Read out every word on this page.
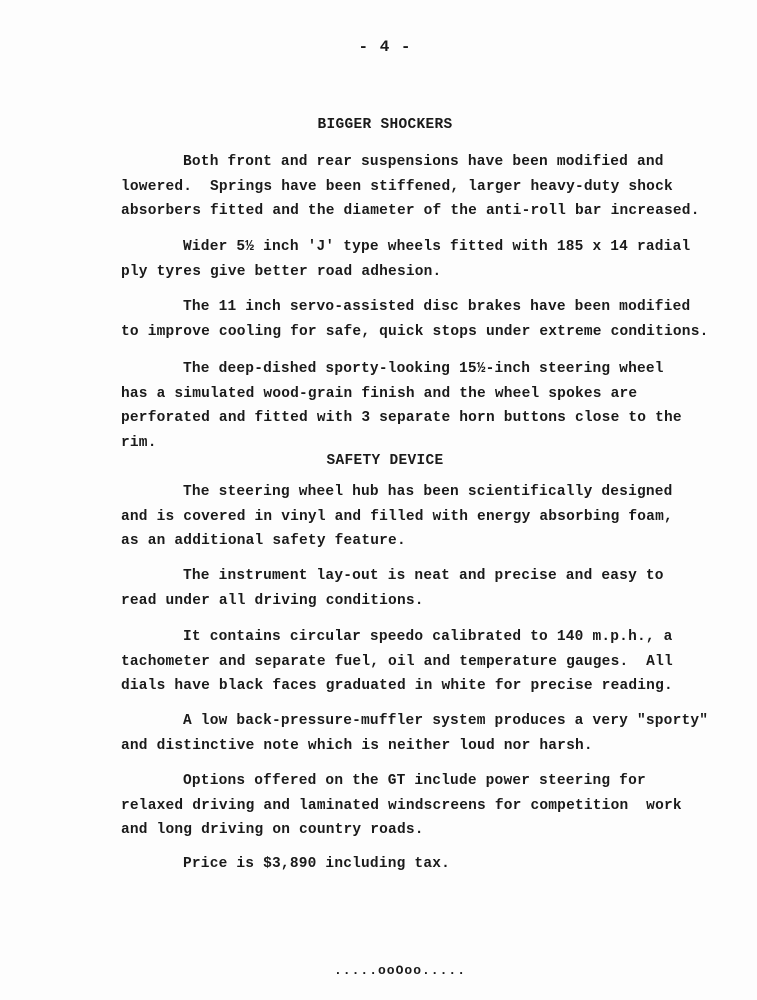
- 4 -
BIGGER SHOCKERS
Both front and rear suspensions have been modified and
lowered.  Springs have been stiffened, larger heavy-duty shock
absorbers fitted and the diameter of the anti-roll bar increased.
Wider 5½ inch 'J' type wheels fitted with 185 x 14 radial
ply tyres give better road adhesion.
The 11 inch servo-assisted disc brakes have been modified
to improve cooling for safe, quick stops under extreme conditions.
The deep-dished sporty-looking 15½-inch steering wheel
has a simulated wood-grain finish and the wheel spokes are
perforated and fitted with 3 separate horn buttons close to the
rim.
SAFETY DEVICE
The steering wheel hub has been scientifically designed
and is covered in vinyl and filled with energy absorbing foam,
as an additional safety feature.
The instrument lay-out is neat and precise and easy to
read under all driving conditions.
It contains circular speedo calibrated to 140 m.p.h., a
tachometer and separate fuel, oil and temperature gauges.  All
dials have black faces graduated in white for precise reading.
A low back-pressure-muffler system produces a very "sporty"
and distinctive note which is neither loud nor harsh.
Options offered on the GT include power steering for
relaxed driving and laminated windscreens for competition  work
and long driving on country roads.
Price is $3,890 including tax.
.....ooOoo.....
